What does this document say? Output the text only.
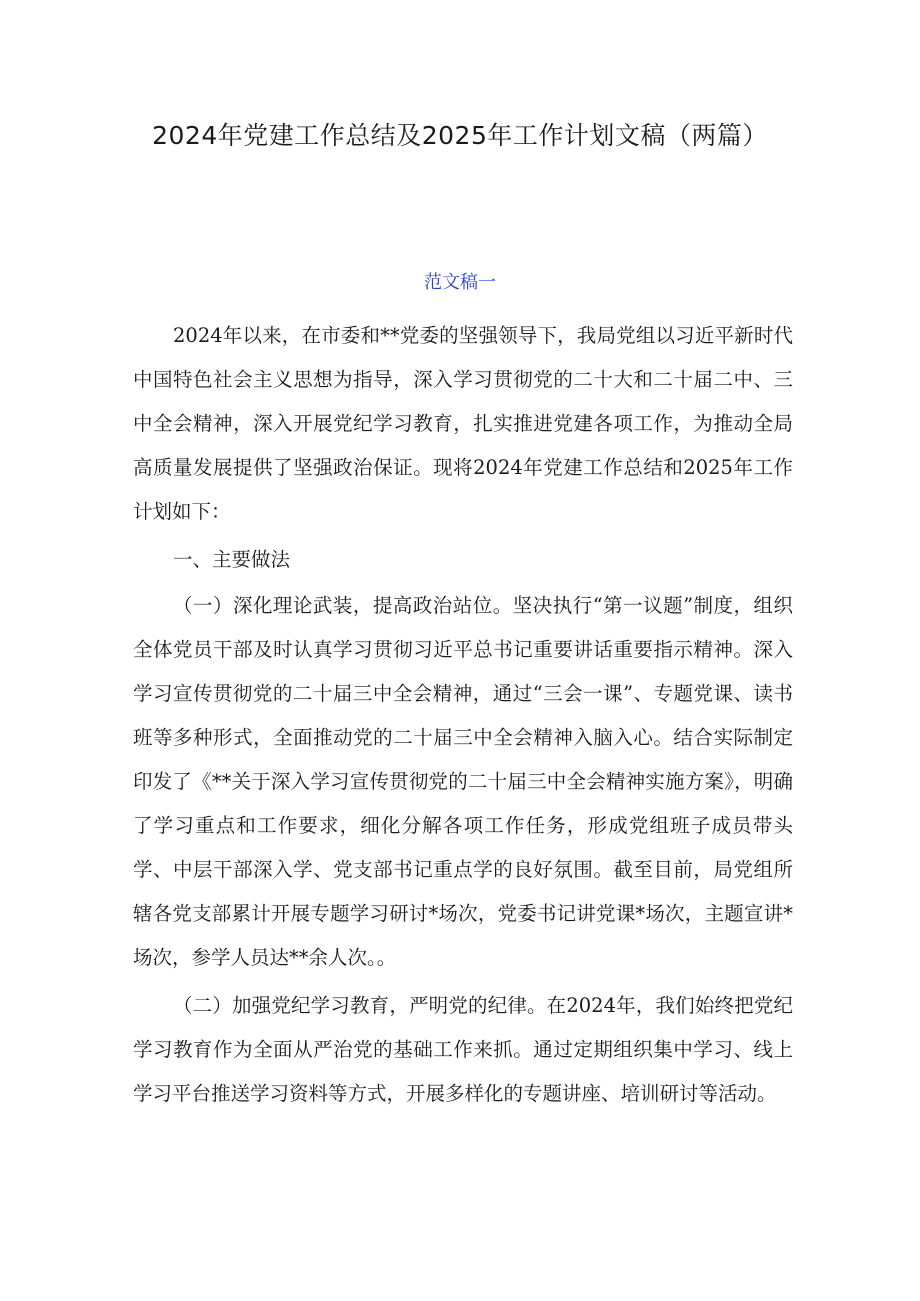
2024年党建工作总结及2025年工作计划文稿（两篇）
范文稿一

2024年以来，在市委和**党委的坚强领导下，我局党组以习近平新时代中国特色社会主义思想为指导，深入学习贯彻党的二十大和二十届二中、三中全会精神，深入开展党纪学习教育，扎实推进党建各项工作，为推动全局高质量发展提供了坚强政治保证。现将2024年党建工作总结和2025年工作计划如下：

一、主要做法

（一）深化理论武装，提高政治站位。坚决执行“第一议题”制度，组织全体党员干部及时认真学习贯彻习近平总书记重要讲话重要指示精神。深入学习宣传贯彻党的二十届三中全会精神，通过“三会一课”、专题党课、读书班等多种形式，全面推动党的二十届三中全会精神入脑入心。结合实际制定印发了《**关于深入学习宣传贯彻党的二十届三中全会精神实施方案》，明确了学习重点和工作要求，细化分解各项工作任务，形成党组班子成员带头学、中层干部深入学、党支部书记重点学的良好氛围。截至目前，局党组所辖各党支部累计开展专题学习研讨*场次，党委书记讲党课*场次，主题宣讲*场次，参学人员达**余人次。。

（二）加强党纪学习教育，严明党的纪律。在2024年，我们始终把党纪学习教育作为全面从严治党的基础工作来抓。通过定期组织集中学习、线上学习平台推送学习资料等方式，开展多样化的专题讲座、培训研讨等活动。
